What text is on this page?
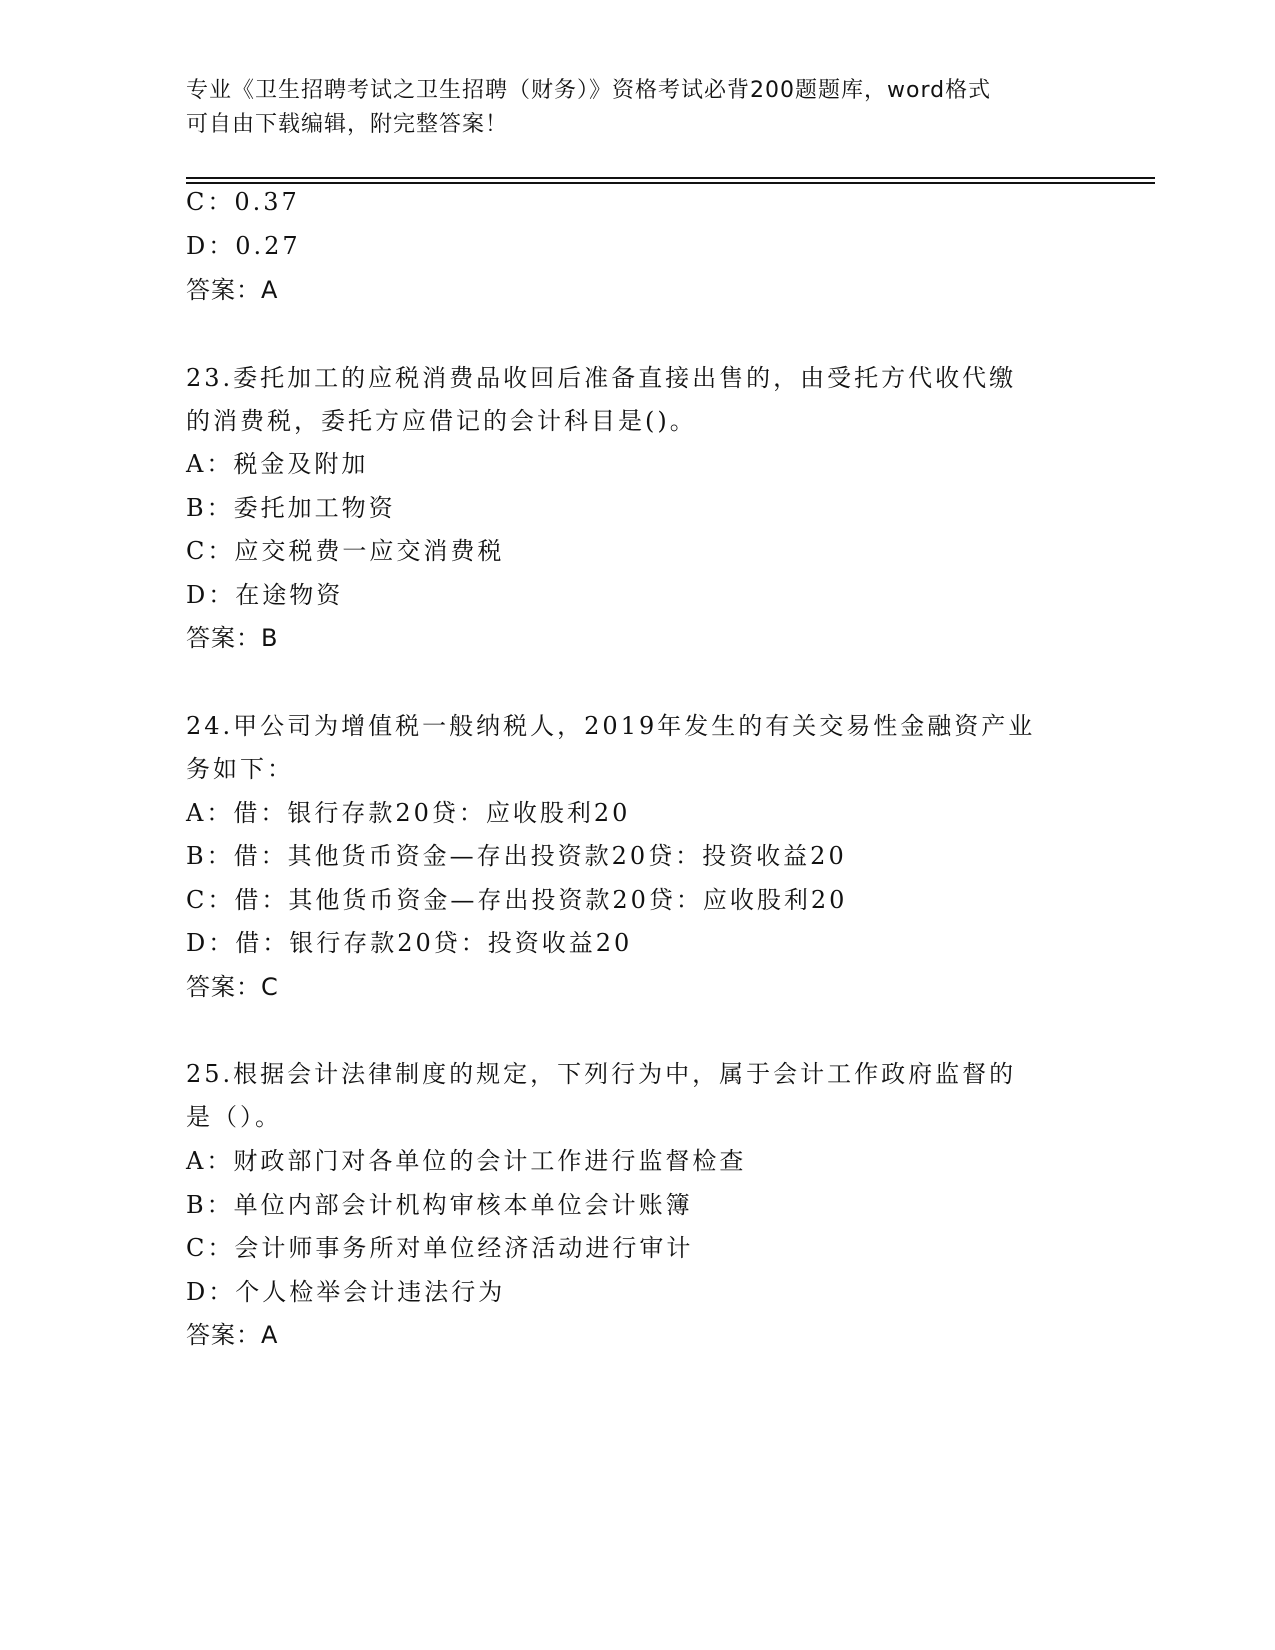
专业《卫生招聘考试之卫生招聘（财务）》资格考试必背200题题库，word格式
可自由下载编辑，附完整答案！
C：0.37
D：0.27
答案：A
23.委托加工的应税消费品收回后准备直接出售的，由受托方代收代缴
的消费税，委托方应借记的会计科目是()。
A：税金及附加
B：委托加工物资
C：应交税费一应交消费税
D：在途物资
答案：B
24.甲公司为增值税一般纳税人，2019年发生的有关交易性金融资产业
务如下：
A：借：银行存款20贷：应收股利20
B：借：其他货币资金—存出投资款20贷：投资收益20
C：借：其他货币资金—存出投资款20贷：应收股利20
D：借：银行存款20贷：投资收益20
答案：C
25.根据会计法律制度的规定，下列行为中，属于会计工作政府监督的
是（）。
A：财政部门对各单位的会计工作进行监督检查
B：单位内部会计机构审核本单位会计账簿
C：会计师事务所对单位经济活动进行审计
D：个人检举会计违法行为
答案：A
